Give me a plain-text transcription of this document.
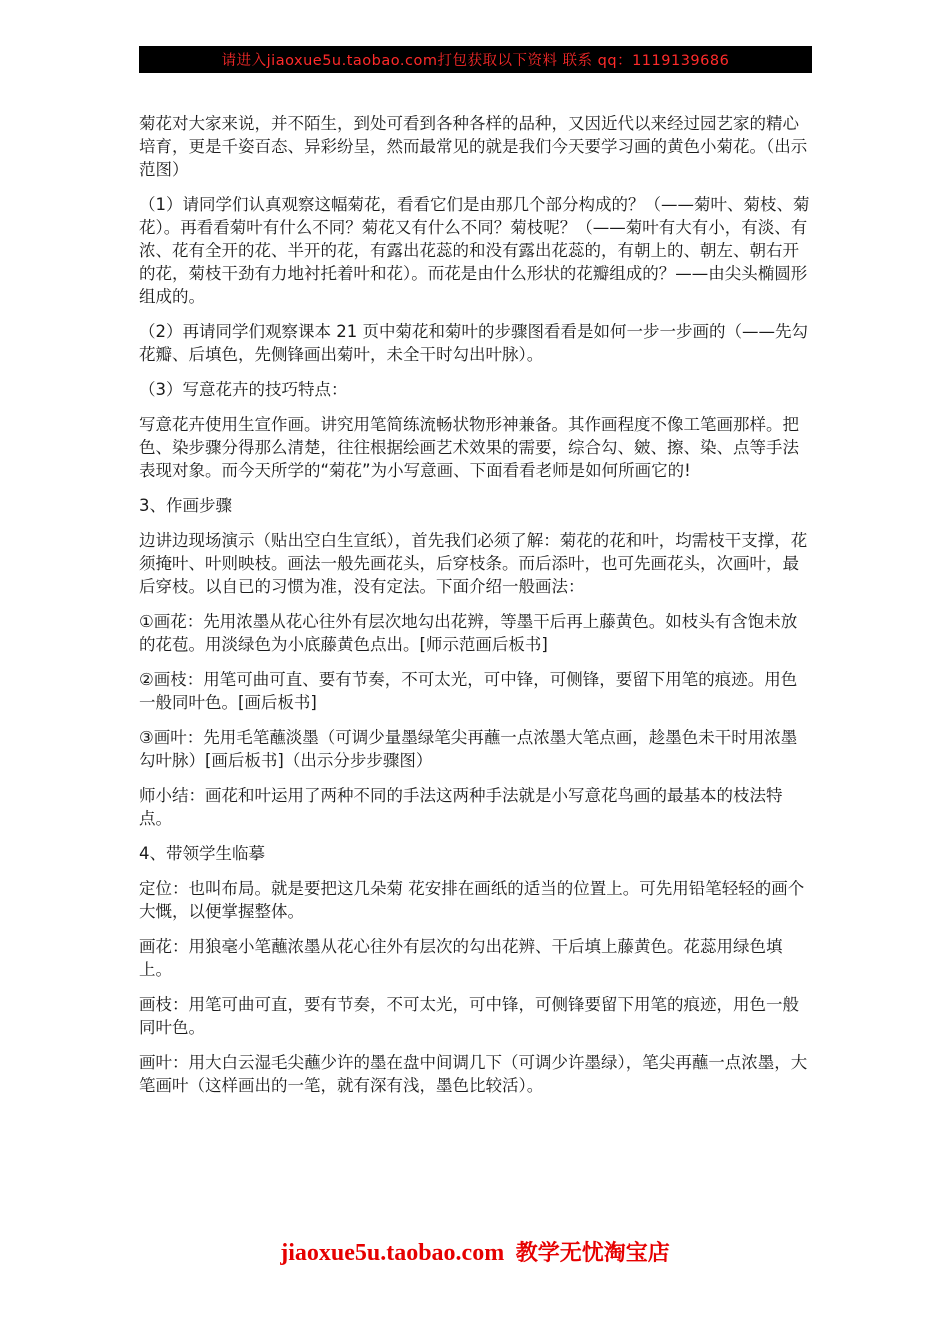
请进入jiaoxue5u.taobao.com打包获取以下资料 联系 qq：1119139686

菊花对大家来说，并不陌生，到处可看到各种各样的品种，又因近代以来经过园艺家的精心培育，更是千姿百态、异彩纷呈，然而最常见的就是我们今天要学习画的黄色小菊花。（出示范图）

（1）请同学们认真观察这幅菊花，看看它们是由那几个部分构成的？（——菊叶、菊枝、菊花）。再看看菊叶有什么不同？菊花又有什么不同？菊枝呢？（——菊叶有大有小，有淡、有浓、花有全开的花、半开的花，有露出花蕊的和没有露出花蕊的，有朝上的、朝左、朝右开的花，菊枝干劲有力地衬托着叶和花）。而花是由什么形状的花瓣组成的？——由尖头椭圆形组成的。

（2）再请同学们观察课本 21 页中菊花和菊叶的步骤图看看是如何一步一步画的（——先勾花瓣、后填色，先侧锋画出菊叶，未全干时勾出叶脉）。

（3）写意花卉的技巧特点：

写意花卉使用生宣作画。讲究用笔简练流畅状物形神兼备。其作画程度不像工笔画那样。把色、染步骤分得那么清楚，往往根据绘画艺术效果的需要，综合勾、皴、擦、染、点等手法表现对象。而今天所学的“菊花”为小写意画、下面看看老师是如何所画它的!

3、作画步骤

边讲边现场演示（贴出空白生宣纸），首先我们必须了解：菊花的花和叶，均需枝干支撑，花须掩叶、叶则映枝。画法一般先画花头，后穿枝条。而后添叶，也可先画花头，次画叶，最后穿枝。以自已的习惯为准，没有定法。下面介绍一般画法：

①画花：先用浓墨从花心往外有层次地勾出花辨，等墨干后再上藤黄色。如枝头有含饱未放的花苞。用淡绿色为小底藤黄色点出。[师示范画后板书]

②画枝：用笔可曲可直、要有节奏，不可太光，可中锋，可侧锋，要留下用笔的痕迹。用色一般同叶色。[画后板书]

③画叶：先用毛笔蘸淡墨（可调少量墨绿笔尖再蘸一点浓墨大笔点画，趁墨色未干时用浓墨勾叶脉）[画后板书]（出示分步步骤图）

师小结：画花和叶运用了两种不同的手法这两种手法就是小写意花鸟画的最基本的枝法特点。

4、带领学生临摹

定位：也叫布局。就是要把这几朵菊 花安排在画纸的适当的位置上。可先用铅笔轻轻的画个大慨，以便掌握整体。

画花：用狼毫小笔蘸浓墨从花心往外有层次的勾出花辨、干后填上藤黄色。花蕊用绿色填上。

画枝：用笔可曲可直，要有节奏，不可太光，可中锋，可侧锋要留下用笔的痕迹，用色一般同叶色。

画叶：用大白云湿毛尖蘸少许的墨在盘中间调几下（可调少许墨绿），笔尖再蘸一点浓墨，大笔画叶（这样画出的一笔，就有深有浅，墨色比较活）。

jiaoxue5u.taobao.com 教学无忧淘宝店
